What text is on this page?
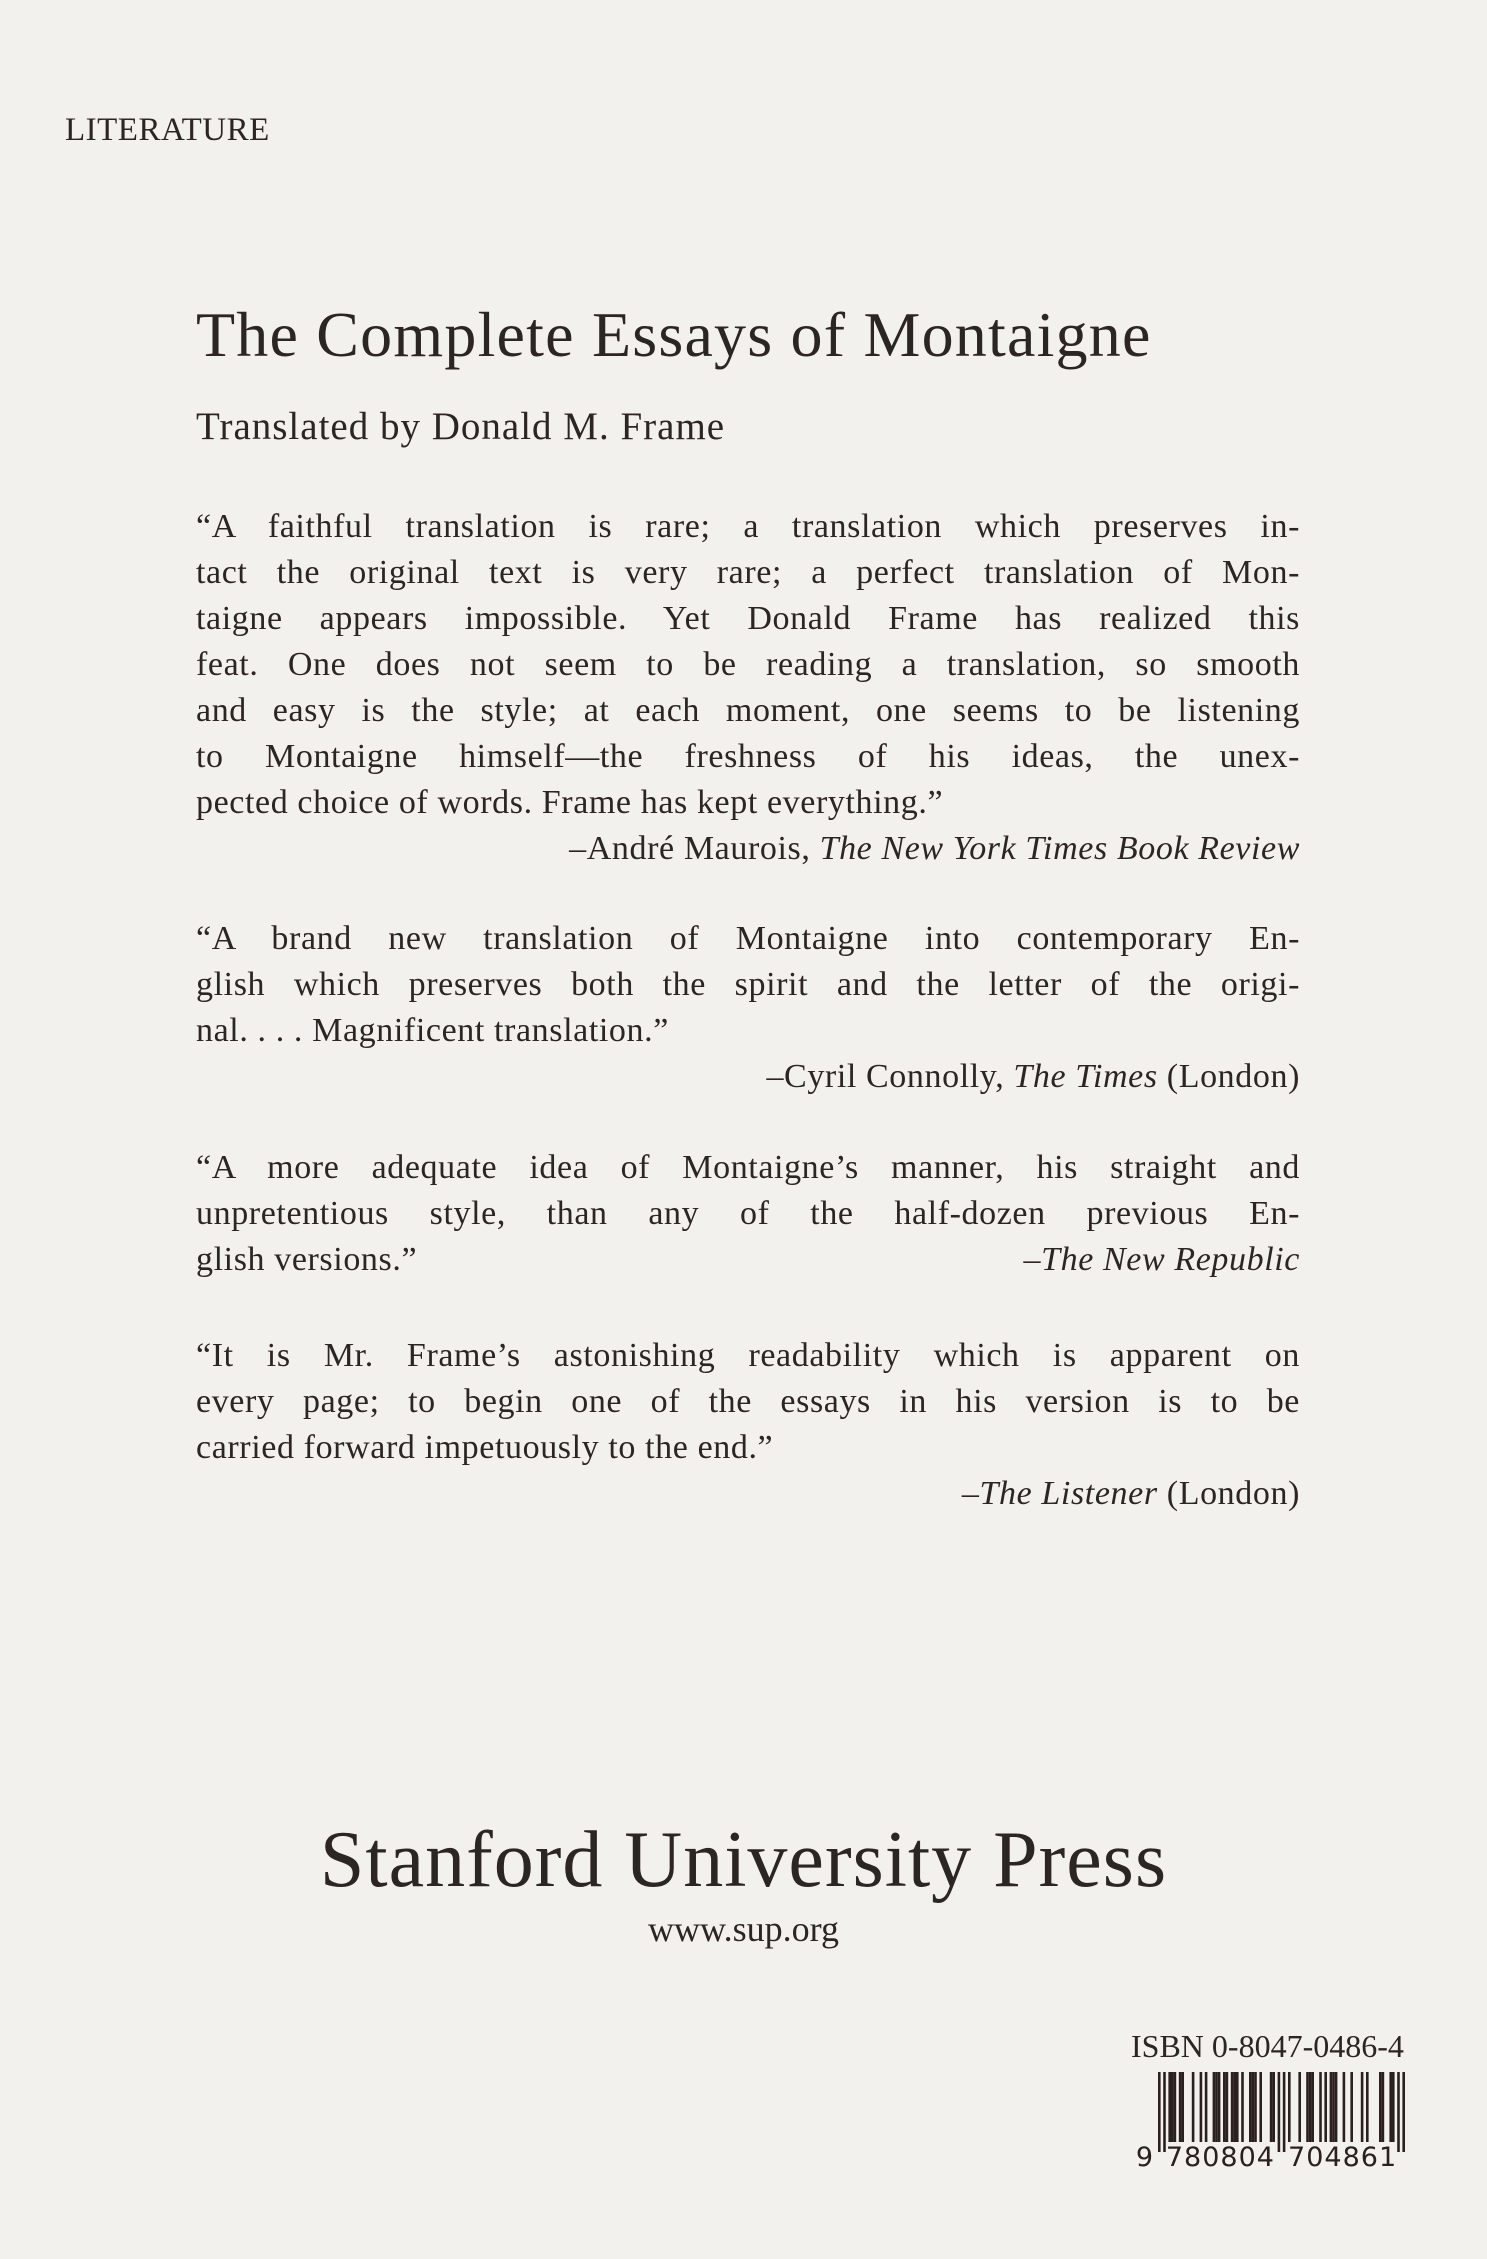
LITERATURE
The Complete Essays of Montaigne
Translated by Donald M. Frame
“A faithful translation is rare; a translation which preserves in-
tact the original text is very rare; a perfect translation of Mon-
taigne appears impossible. Yet Donald Frame has realized this
feat. One does not seem to be reading a translation, so smooth
and easy is the style; at each moment, one seems to be listening
to Montaigne himself—the freshness of his ideas, the unex-
pected choice of words. Frame has kept everything.”
–André Maurois, The New York Times Book Review
“A brand new translation of Montaigne into contemporary En-
glish which preserves both the spirit and the letter of the origi-
nal. . . . Magnificent translation.”
–Cyril Connolly, The Times (London)
“A more adequate idea of Montaigne’s manner, his straight and
unpretentious style, than any of the half-dozen previous En-
glish versions.”	–The New Republic
“It is Mr. Frame’s astonishing readability which is apparent on
every page; to begin one of the essays in his version is to be
carried forward impetuously to the end.”
–The Listener (London)
Stanford University Press
www.sup.org
ISBN 0-8047-0486-4
9 780804 704861
